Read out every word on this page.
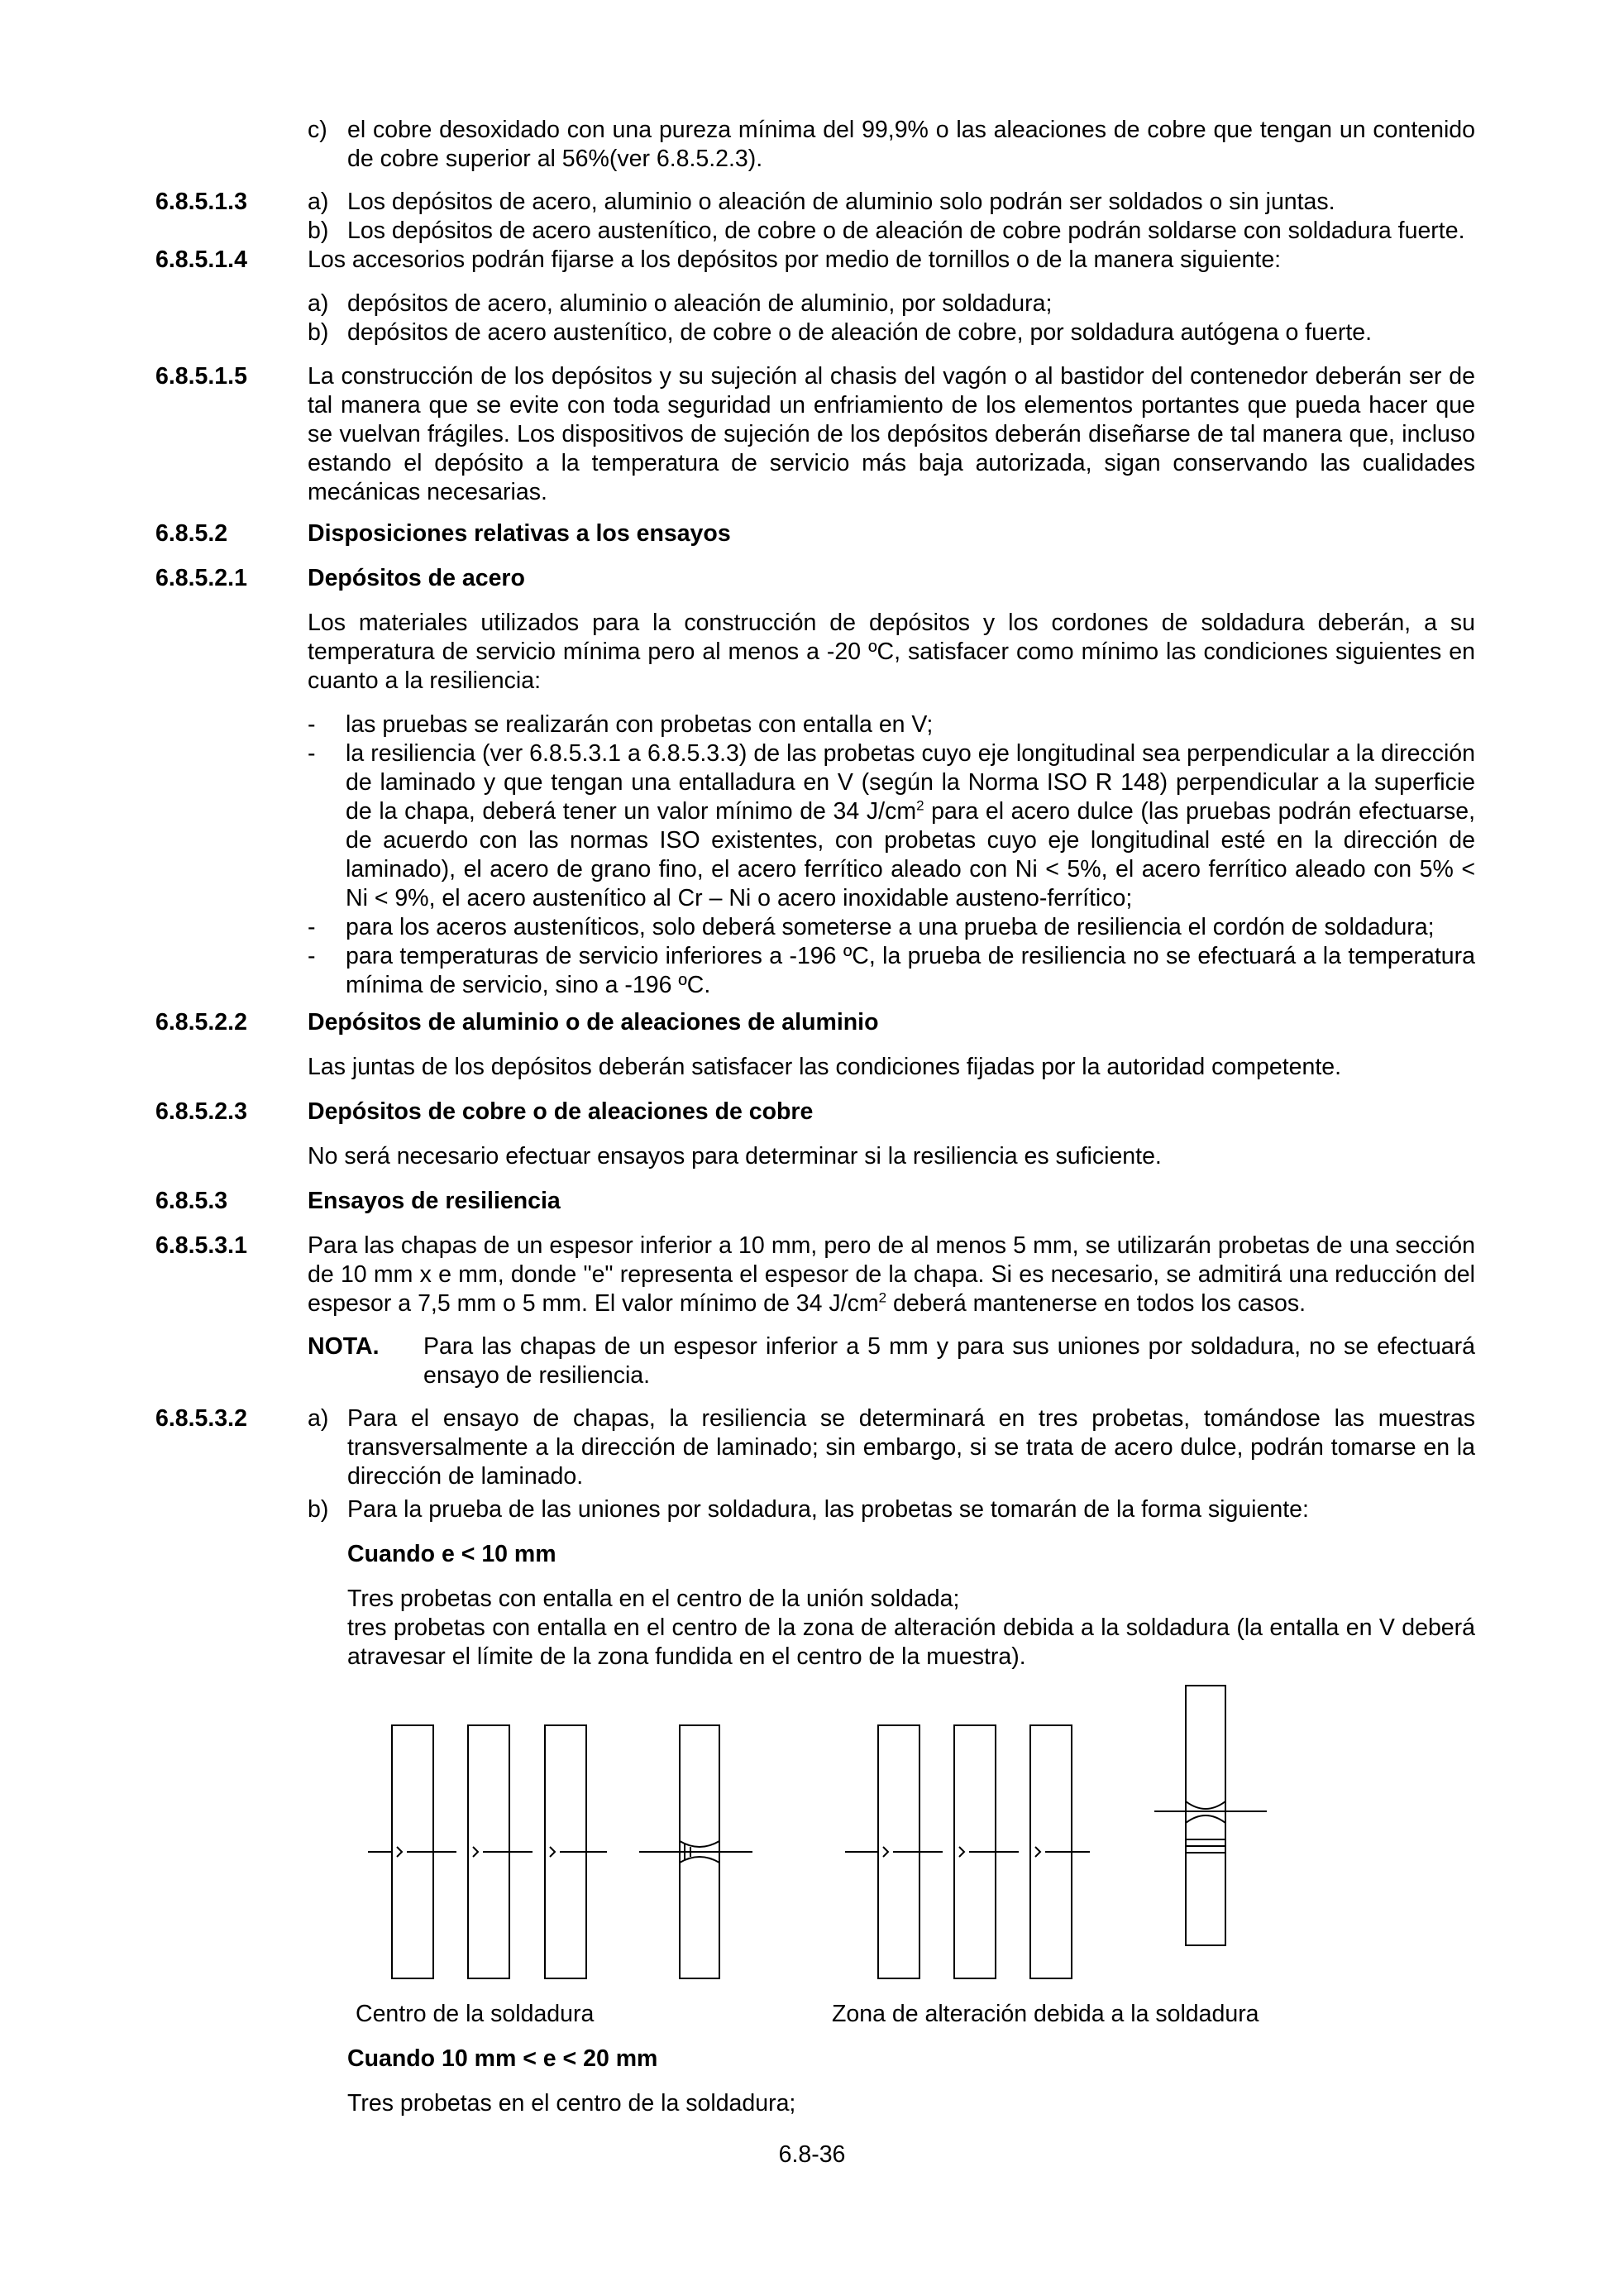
c) el cobre desoxidado con una pureza mínima del 99,9% o las aleaciones de cobre que tengan un contenido de cobre superior al 56%(ver 6.8.5.2.3).
6.8.5.1.3	a) Los depósitos de acero, aluminio o aleación de aluminio solo podrán ser soldados o sin juntas.
b) Los depósitos de acero austenítico, de cobre o de aleación de cobre podrán soldarse con soldadura fuerte.
6.8.5.1.4	Los accesorios podrán fijarse a los depósitos por medio de tornillos o de la manera siguiente:
a) depósitos de acero, aluminio o aleación de aluminio, por soldadura;
b) depósitos de acero austenítico, de cobre o de aleación de cobre, por soldadura autógena o fuerte.
6.8.5.1.5	La construcción de los depósitos y su sujeción al chasis del vagón o al bastidor del contenedor deberán ser de tal manera que se evite con toda seguridad un enfriamiento de los elementos portantes que pueda hacer que se vuelvan frágiles. Los dispositivos de sujeción de los depósitos deberán diseñarse de tal manera que, incluso estando el depósito a la temperatura de servicio más baja autorizada, sigan conservando las cualidades mecánicas necesarias.
6.8.5.2	Disposiciones relativas a los ensayos
6.8.5.2.1	Depósitos de acero
Los materiales utilizados para la construcción de depósitos y los cordones de soldadura deberán, a su temperatura de servicio mínima pero al menos a -20 ºC, satisfacer como mínimo las condiciones siguientes en cuanto a la resiliencia:
- las pruebas se realizarán con probetas con entalla en V;
- la resiliencia (ver 6.8.5.3.1 a 6.8.5.3.3) de las probetas cuyo eje longitudinal sea perpendicular a la dirección de laminado y que tengan una entalladura en V (según la Norma ISO R 148) perpendicular a la superficie de la chapa, deberá tener un valor mínimo de 34 $J/cm^2$ para el acero dulce (las pruebas podrán efectuarse, de acuerdo con las normas ISO existentes, con probetas cuyo eje longitudinal esté en la dirección de laminado), el acero de grano fino, el acero ferrítico aleado con Ni < 5%, el acero ferrítico aleado con 5% < Ni < 9%, el acero austenítico al Cr – Ni o acero inoxidable austeno-ferrítico;
- para los aceros austeníticos, solo deberá someterse a una prueba de resiliencia el cordón de soldadura;
- para temperaturas de servicio inferiores a -196 ºC, la prueba de resiliencia no se efectuará a la temperatura mínima de servicio, sino a -196 ºC.
6.8.5.2.2	Depósitos de aluminio o de aleaciones de aluminio
Las juntas de los depósitos deberán satisfacer las condiciones fijadas por la autoridad competente.
6.8.5.2.3	Depósitos de cobre o de aleaciones de cobre
No será necesario efectuar ensayos para determinar si la resiliencia es suficiente.
6.8.5.3	Ensayos de resiliencia
6.8.5.3.1	Para las chapas de un espesor inferior a 10 mm, pero de al menos 5 mm, se utilizarán probetas de una sección de 10 mm x e mm, donde "e" representa el espesor de la chapa. Si es necesario, se admitirá una reducción del espesor a 7,5 mm o 5 mm. El valor mínimo de 34 $J/cm^2$ deberá mantenerse en todos los casos.
NOTA. Para las chapas de un espesor inferior a 5 mm y para sus uniones por soldadura, no se efectuará ensayo de resiliencia.
6.8.5.3.2	a) Para el ensayo de chapas, la resiliencia se determinará en tres probetas, tomándose las muestras transversalmente a la dirección de laminado; sin embargo, si se trata de acero dulce, podrán tomarse en la dirección de laminado.
b) Para la prueba de las uniones por soldadura, las probetas se tomarán de la forma siguiente:
Cuando e < 10 mm
Tres probetas con entalla en el centro de la unión soldada;
tres probetas con entalla en el centro de la zona de alteración debida a la soldadura (la entalla en V deberá atravesar el límite de la zona fundida en el centro de la muestra).
Centro de la soldadura	Zona de alteración debida a la soldadura
Cuando 10 mm < e < 20 mm
Tres probetas en el centro de la soldadura;
6.8-36
